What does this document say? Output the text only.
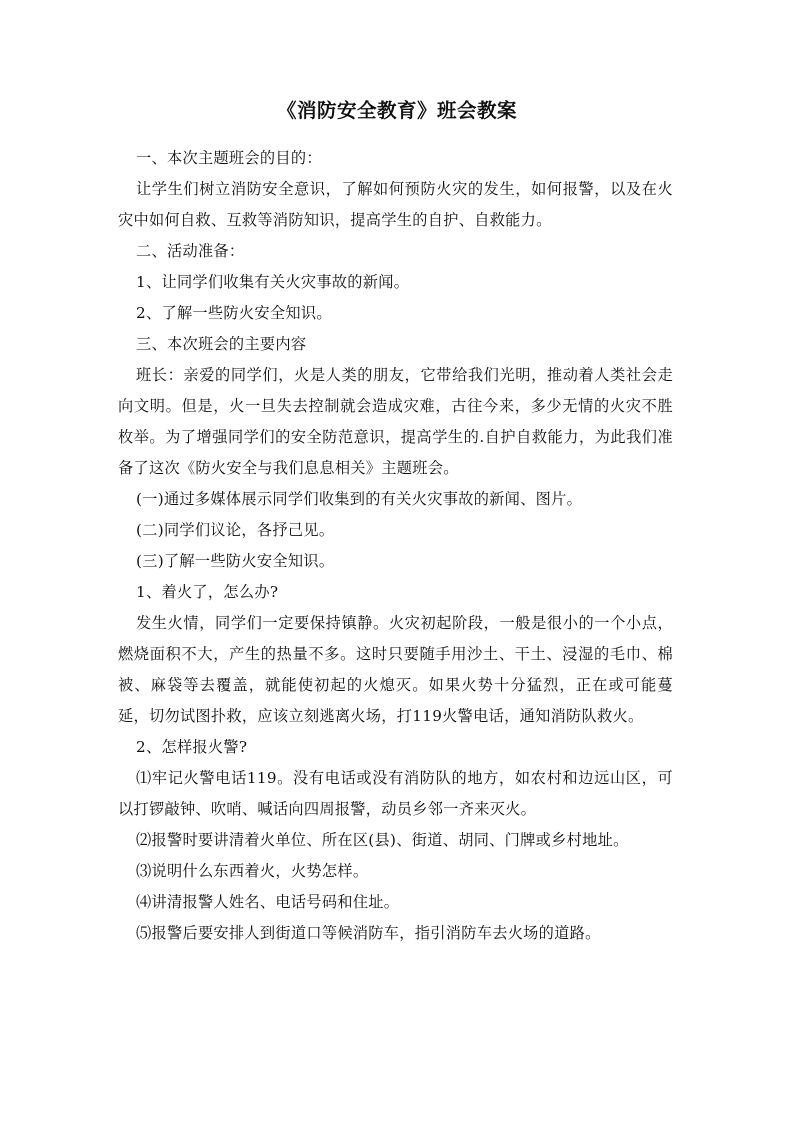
《消防安全教育》班会教案

一、本次主题班会的目的：

让学生们树立消防安全意识，了解如何预防火灾的发生，如何报警，以及在火灾中如何自救、互救等消防知识，提高学生的自护、自救能力。

二、活动准备：

1、让同学们收集有关火灾事故的新闻。

2、了解一些防火安全知识。

三、本次班会的主要内容

班长：亲爱的同学们，火是人类的朋友，它带给我们光明，推动着人类社会走向文明。但是，火一旦失去控制就会造成灾难，古往今来，多少无情的火灾不胜枚举。为了增强同学们的安全防范意识，提高学生的.自护自救能力，为此我们准备了这次《防火安全与我们息息相关》主题班会。

(一)通过多媒体展示同学们收集到的有关火灾事故的新闻、图片。

(二)同学们议论，各抒己见。

(三)了解一些防火安全知识。

1、着火了，怎么办?

发生火情，同学们一定要保持镇静。火灾初起阶段，一般是很小的一个小点，燃烧面积不大，产生的热量不多。这时只要随手用沙土、干土、浸湿的毛巾、棉被、麻袋等去覆盖，就能使初起的火熄灭。如果火势十分猛烈，正在或可能蔓延，切勿试图扑救，应该立刻逃离火场，打119火警电话，通知消防队救火。

2、怎样报火警?

⑴牢记火警电话119。没有电话或没有消防队的地方，如农村和边远山区，可以打锣敲钟、吹哨、喊话向四周报警，动员乡邻一齐来灭火。

⑵报警时要讲清着火单位、所在区(县)、街道、胡同、门牌或乡村地址。

⑶说明什么东西着火，火势怎样。

⑷讲清报警人姓名、电话号码和住址。

⑸报警后要安排人到街道口等候消防车，指引消防车去火场的道路。
